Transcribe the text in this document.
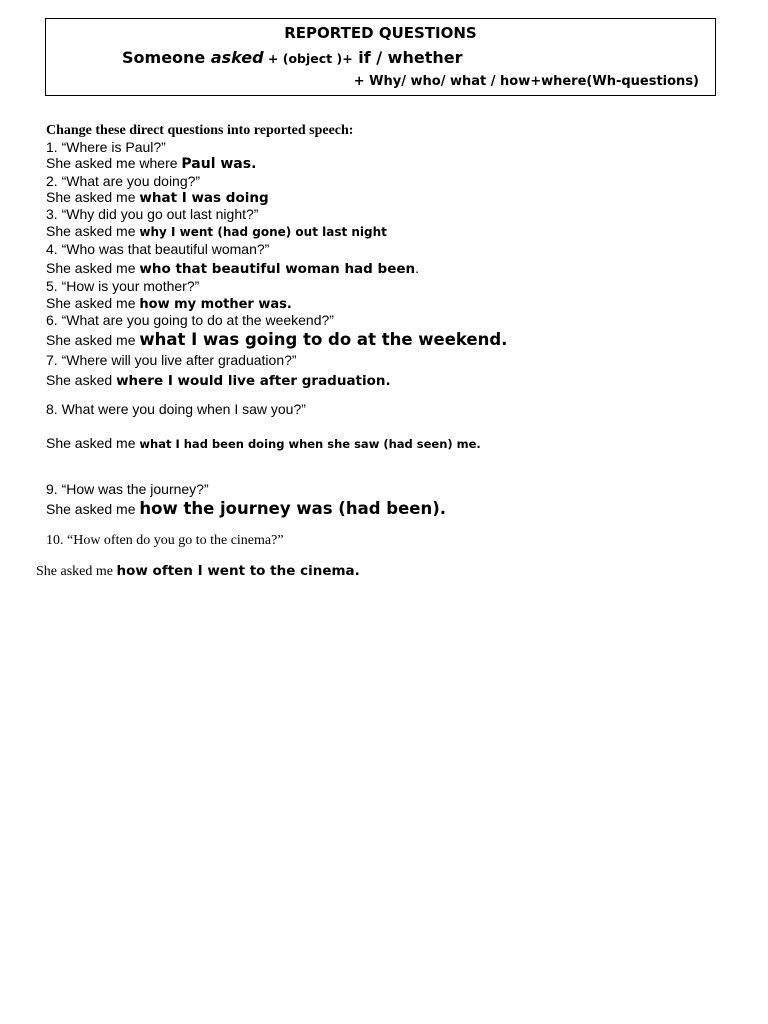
REPORTED QUESTIONS
Someone asked + (object )+ if / whether
+ Why/ who/ what / how+where(Wh-questions)
Change these direct questions into reported speech:
1. “Where is Paul?”
She asked me where Paul was.
2. “What are you doing?”
She asked me what I was doing
3. “Why did you go out last night?”
She asked me why I went (had gone) out last night
4. “Who was that beautiful woman?”
She asked me who that beautiful woman had been.
5. “How is your mother?”
She asked me how my mother was.
6. “What are you going to do at the weekend?”
She asked me what I was going to do at the weekend.
7. “Where will you live after graduation?”
She asked where I would live after graduation.
8. What were you doing when I saw you?”
She asked me what I had been doing when she saw (had seen) me.
9. “How was the journey?”
She asked me how the journey was (had been).
10. “How often do you go to the cinema?”
She asked me how often I went to the cinema.
